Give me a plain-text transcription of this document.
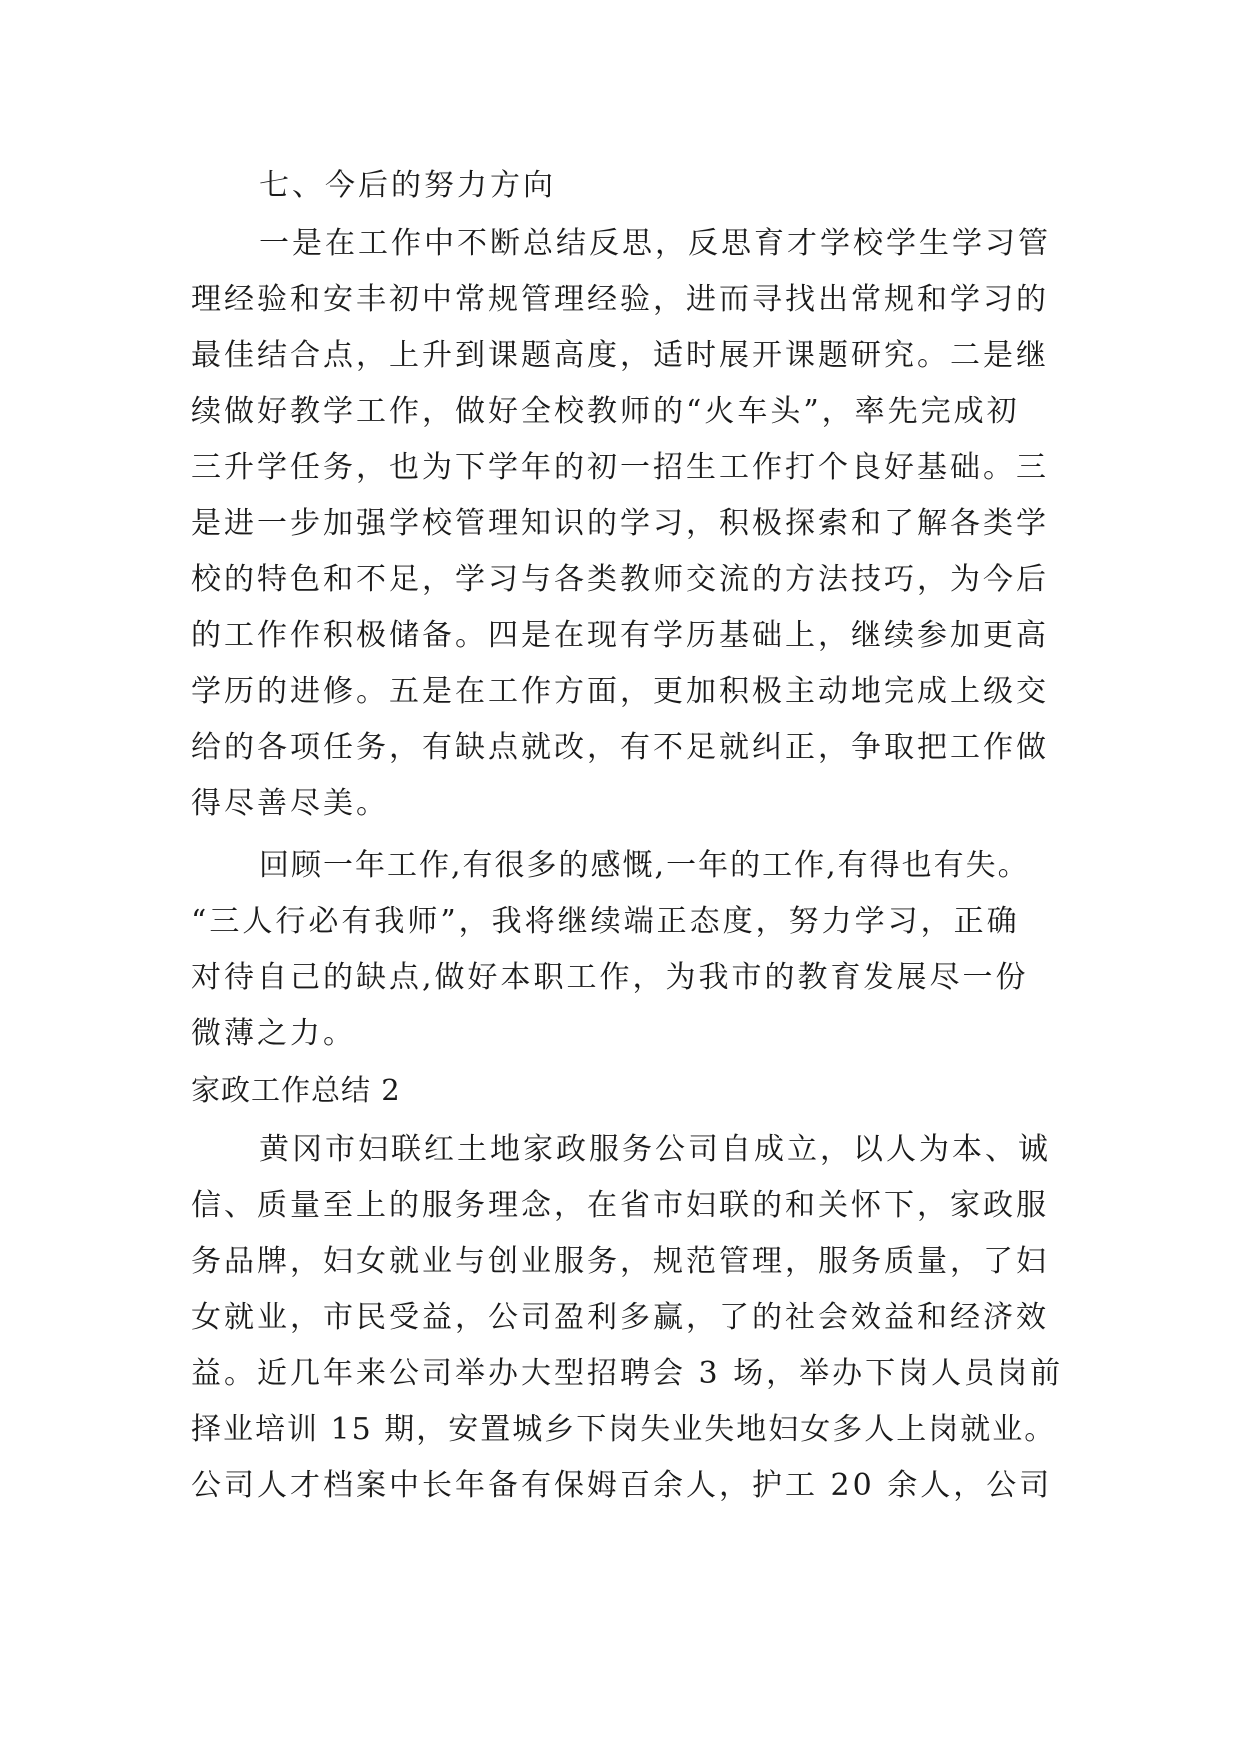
七、今后的努力方向
一是在工作中不断总结反思，反思育才学校学生学习管
理经验和安丰初中常规管理经验，进而寻找出常规和学习的
最佳结合点，上升到课题高度，适时展开课题研究。二是继
续做好教学工作，做好全校教师的“火车头”，率先完成初
三升学任务，也为下学年的初一招生工作打个良好基础。三
是进一步加强学校管理知识的学习，积极探索和了解各类学
校的特色和不足，学习与各类教师交流的方法技巧，为今后
的工作作积极储备。四是在现有学历基础上，继续参加更高
学历的进修。五是在工作方面，更加积极主动地完成上级交
给的各项任务，有缺点就改，有不足就纠正，争取把工作做
得尽善尽美。
回顾一年工作,有很多的感慨,一年的工作,有得也有失。
“三人行必有我师”，我将继续端正态度，努力学习，正确
对待自己的缺点,做好本职工作，为我市的教育发展尽一份
微薄之力。
家政工作总结 2
黄冈市妇联红土地家政服务公司自成立，以人为本、诚
信、质量至上的服务理念，在省市妇联的和关怀下，家政服
务品牌，妇女就业与创业服务，规范管理，服务质量，了妇
女就业，市民受益，公司盈利多赢，了的社会效益和经济效
益。近几年来公司举办大型招聘会 3 场，举办下岗人员岗前
择业培训 15 期，安置城乡下岗失业失地妇女多人上岗就业。
公司人才档案中长年备有保姆百余人，护工 20 余人，公司
